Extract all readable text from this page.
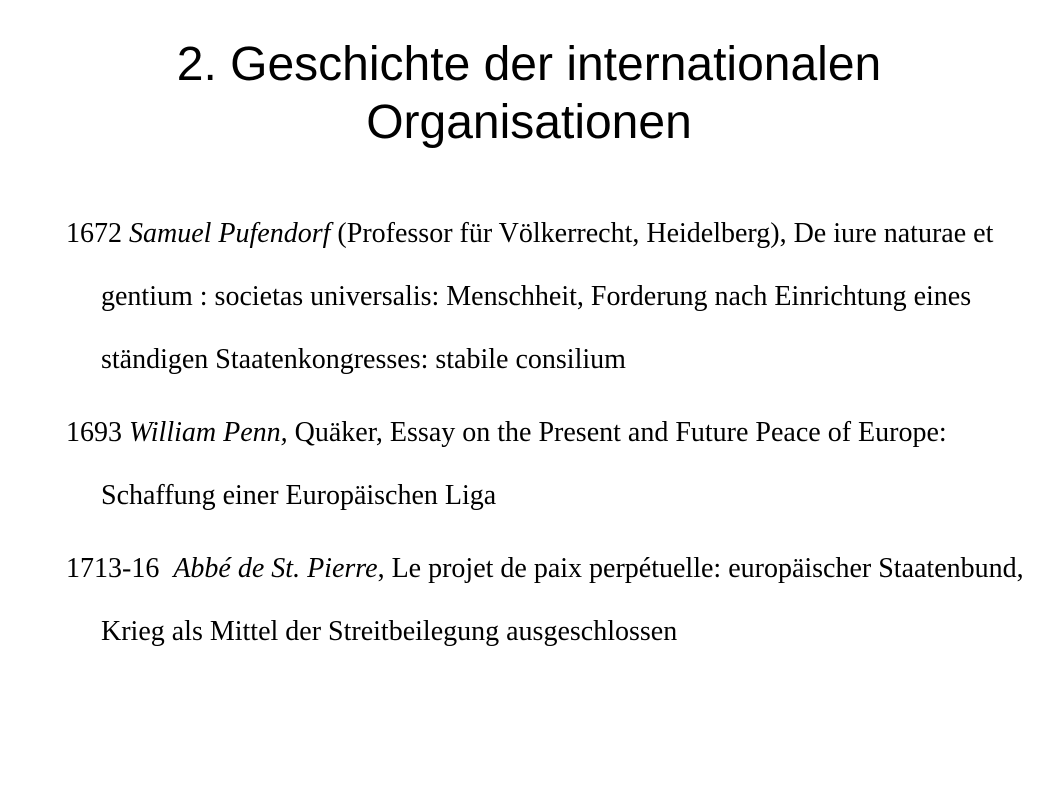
2. Geschichte der internationalen
Organisationen

1672 Samuel Pufendorf (Professor für Völkerrecht, Heidelberg), De iure naturae et gentium : societas universalis: Menschheit, Forderung nach Einrichtung eines ständigen Staatenkongresses: stabile consilium

1693 William Penn, Quäker, Essay on the Present and Future Peace of Europe: Schaffung einer Europäischen Liga

1713-16 Abbé de St. Pierre, Le projet de paix perpétuelle: europäischer Staatenbund, Krieg als Mittel der Streitbeilegung ausgeschlossen
